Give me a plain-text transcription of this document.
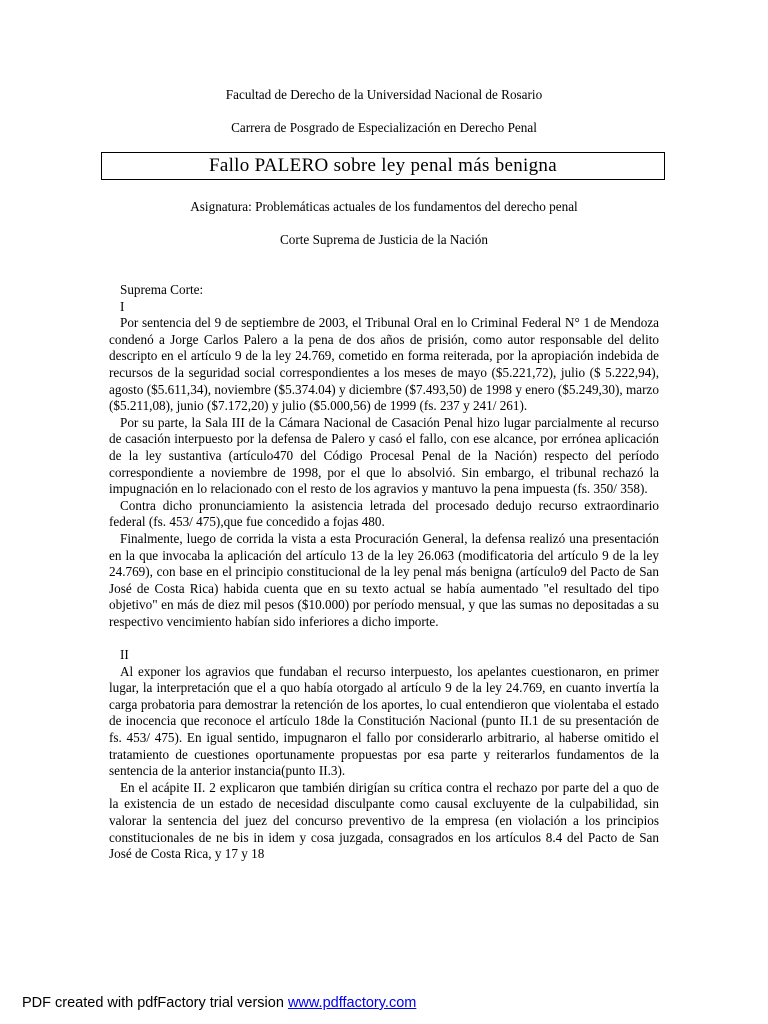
Facultad de Derecho de la Universidad Nacional de Rosario
Carrera de Posgrado de Especialización en Derecho Penal
Fallo PALERO sobre ley penal más benigna
Asignatura: Problemáticas actuales de los fundamentos del derecho penal
Corte Suprema de Justicia de la Nación

Suprema Corte:

I

Por sentencia del 9 de septiembre de 2003, el Tribunal Oral en lo Criminal Federal N° 1 de Mendoza condenó a Jorge Carlos Palero a la pena de dos años de prisión, como autor responsable del delito descripto en el artículo 9 de la ley 24.769, cometido en forma reiterada, por la apropiación indebida de recursos de la seguridad social correspondientes a los meses de mayo ($5.221,72), julio ($ 5.222,94), agosto ($5.611,34), noviembre ($5.374.04) y diciembre ($7.493,50) de 1998 y enero ($5.249,30), marzo ($5.211,08), junio ($7.172,20) y julio ($5.000,56) de 1999 (fs. 237 y 241/ 261).

Por su parte, la Sala III de la Cámara Nacional de Casación Penal hizo lugar parcialmente al recurso de casación interpuesto por la defensa de Palero y casó el fallo, con ese alcance, por errónea aplicación de la ley sustantiva (artículo470 del Código Procesal Penal de la Nación) respecto del período correspondiente a noviembre de 1998, por el que lo absolvió. Sin embargo, el tribunal rechazó la impugnación en lo relacionado con el resto de los agravios y mantuvo la pena impuesta (fs. 350/ 358).

Contra dicho pronunciamiento la asistencia letrada del procesado dedujo recurso extraordinario federal (fs. 453/ 475),que fue concedido a fojas 480.

Finalmente, luego de corrida la vista a esta Procuración General, la defensa realizó una presentación en la que invocaba la aplicación del artículo 13 de la ley 26.063 (modificatoria del artículo 9 de la ley 24.769), con base en el principio constitucional de la ley penal más benigna (artículo9 del Pacto de San José de Costa Rica) habida cuenta que en su texto actual se había aumentado "el resultado del tipo objetivo" en más de diez mil pesos ($10.000) por período mensual, y que las sumas no depositadas a su respectivo vencimiento habían sido inferiores a dicho importe.

II

Al exponer los agravios que fundaban el recurso interpuesto, los apelantes cuestionaron, en primer lugar, la interpretación que el a quo había otorgado al artículo 9 de la ley 24.769, en cuanto invertía la carga probatoria para demostrar la retención de los aportes, lo cual entendieron que violentaba el estado de inocencia que reconoce el artículo 18de la Constitución Nacional (punto II.1 de su presentación de fs. 453/ 475). En igual sentido, impugnaron el fallo por considerarlo arbitrario, al haberse omitido el tratamiento de cuestiones oportunamente propuestas por esa parte y reiterarlos fundamentos de la sentencia de la anterior instancia(punto II.3).

En el acápite II. 2 explicaron que también dirigían su crítica contra el rechazo por parte del a quo de la existencia de un estado de necesidad disculpante como causal excluyente de la culpabilidad, sin valorar la sentencia del juez del concurso preventivo de la empresa (en violación a los principios constitucionales de ne bis in idem y cosa juzgada, consagrados en los artículos 8.4 del Pacto de San José de Costa Rica, y 17 y 18

PDF created with pdfFactory trial version www.pdffactory.com
